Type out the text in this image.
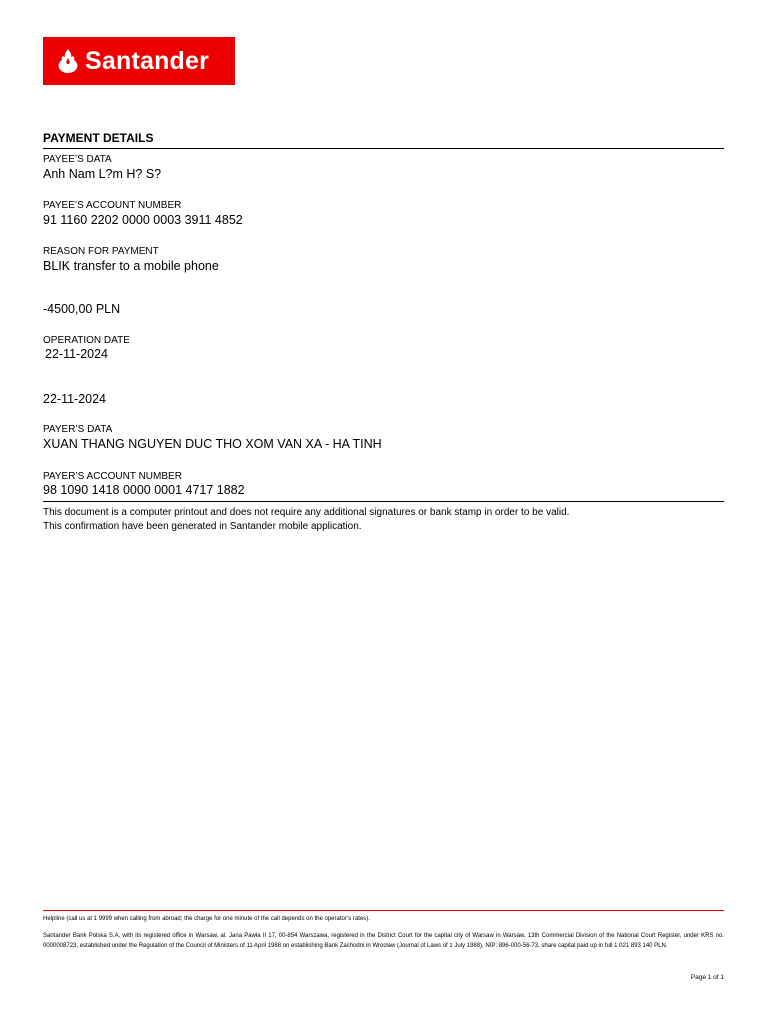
Santander
PAYMENT DETAILS
PAYEE’S DATA
Anh Nam L?m H? S?
PAYEE’S ACCOUNT NUMBER
91 1160 2202 0000 0003 3911 4852
REASON FOR PAYMENT
BLIK transfer to a mobile phone
-4500,00 PLN
OPERATION DATE
22-11-2024
22-11-2024
PAYER’S DATA
XUAN THANG NGUYEN DUC THO XOM VAN XA - HA TINH
PAYER’S ACCOUNT NUMBER
98 1090 1418 0000 0001 4717 1882
This document is a computer printout and does not require any additional signatures or bank stamp in order to be valid.
This confirmation have been generated in Santander mobile application.
Helpline (call us at 1 9999 when calling from abroad; the charge for one minute of the call depends on the operator’s rates).
Santander Bank Polska S.A. with its registered office in Warsaw, al. Jana Pawła II 17, 00-854 Warszawa, registered in the District Court for the capital city of Warsaw in Warsaw, 13th Commercial Division of the National Court Register, under KRS no. 0000008723, established under the Regulation of the Council of Ministers of 11 April 1988 on establishing Bank Zachodni in Wrocław (Journal of Laws of 1 July 1988), NIP: 896-000-56-73, share capital paid up in full 1 021 893 140 PLN.
Page 1 of 1
